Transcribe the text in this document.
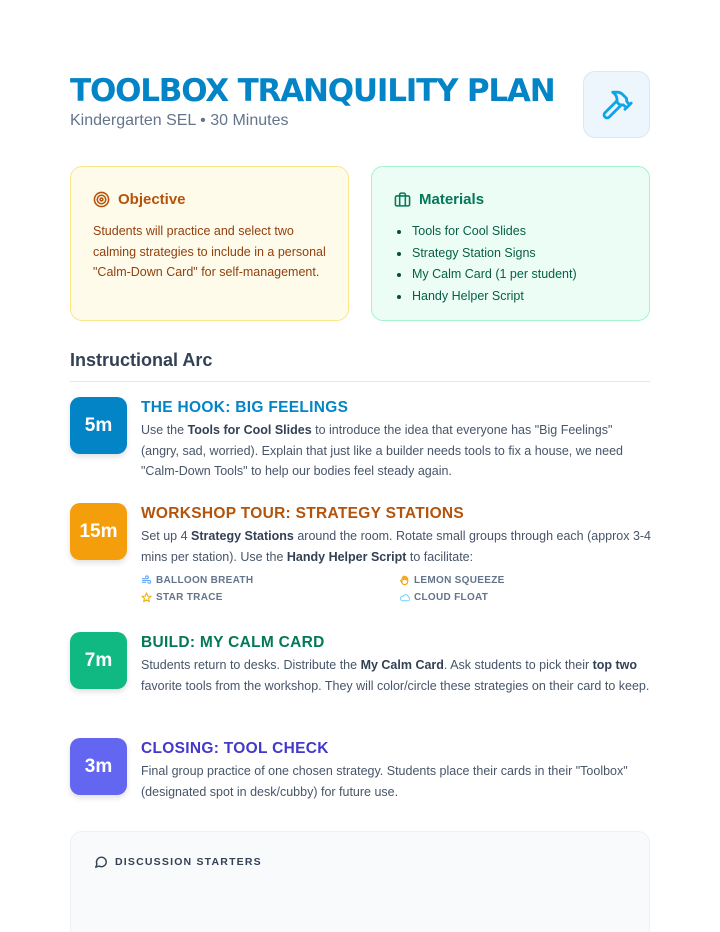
TOOLBOX TRANQUILITY PLAN
Kindergarten SEL • 30 Minutes
Objective
Students will practice and select two calming strategies to include in a personal "Calm-Down Card" for self-management.
Materials
Tools for Cool Slides
Strategy Station Signs
My Calm Card (1 per student)
Handy Helper Script
Instructional Arc
5m
THE HOOK: BIG FEELINGS
Use the Tools for Cool Slides to introduce the idea that everyone has "Big Feelings" (angry, sad, worried). Explain that just like a builder needs tools to fix a house, we need "Calm-Down Tools" to help our bodies feel steady again.
15m
WORKSHOP TOUR: STRATEGY STATIONS
Set up 4 Strategy Stations around the room. Rotate small groups through each (approx 3-4 mins per station). Use the Handy Helper Script to facilitate:
BALLOON BREATH	LEMON SQUEEZE
STAR TRACE	CLOUD FLOAT
7m
BUILD: MY CALM CARD
Students return to desks. Distribute the My Calm Card. Ask students to pick their top two favorite tools from the workshop. They will color/circle these strategies on their card to keep.
3m
CLOSING: TOOL CHECK
Final group practice of one chosen strategy. Students place their cards in their "Toolbox" (designated spot in desk/cubby) for future use.
DISCUSSION STARTERS
